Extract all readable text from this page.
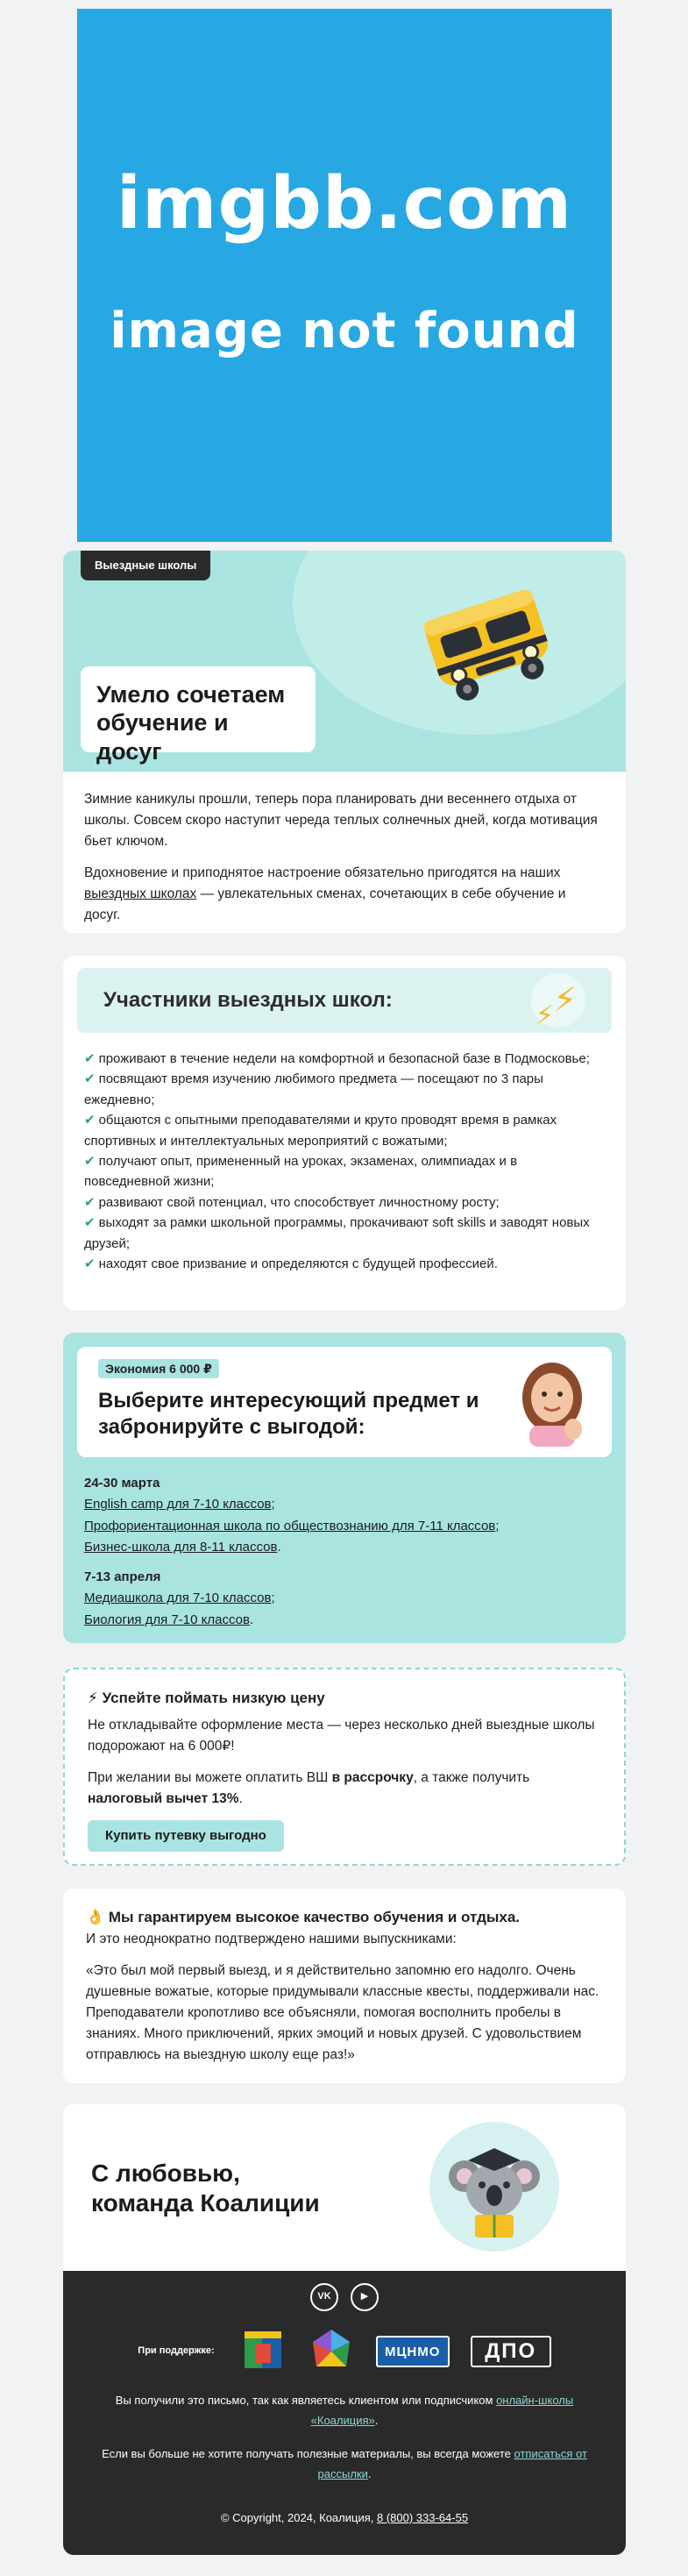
imgbb.com
image not found
Выездные школы
Умело сочетаем обучение и досуг

Зимние каникулы прошли, теперь пора планировать дни весеннего отдыха от школы. Совсем скоро наступит череда теплых солнечных дней, когда мотивация бьет ключом.

Вдохновение и приподнятое настроение обязательно пригодятся на наших выездных школах — увлекательных сменах, сочетающих в себе обучение и досуг.

Участники выездных школ:
⚡ ⚡
✔ проживают в течение недели на комфортной и безопасной базе в Подмосковье;
✔ посвящают время изучению любимого предмета — посещают по 3 пары ежедневно;
✔ общаются с опытными преподавателями и круто проводят время в рамках спортивных и интеллектуальных мероприятий с вожатыми;
✔ получают опыт, примененный на уроках, экзаменах, олимпиадах и в повседневной жизни;
✔ развивают свой потенциал, что способствует личностному росту;
✔ выходят за рамки школьной программы, прокачивают soft skills и заводят новых друзей;
✔ находят свое призвание и определяются с будущей профессией.
Экономия 6 000 ₽
Выберите интересующий предмет и забронируйте с выгодой:
24-30 марта
English camp для 7-10 классов;
Профориентационная школа по обществознанию для 7-11 классов;
Бизнес-школа для 8-11 классов.
7-13 апреля
Медиашкола для 7-10 классов;
Биология для 7-10 классов.
⚡ Успейте поймать низкую цену

Не откладывайте оформление места — через несколько дней выездные школы подорожают на 6 000₽!

При желании вы можете оплатить ВШ в рассрочку, а также получить налоговый вычет 13%.

Купить путевку выгодно
👌 Мы гарантируем высокое качество обучения и отдыха.

И это неоднократно подтверждено нашими выпускниками:

«Это был мой первый выезд, и я действительно запомню его надолго. Очень душевные вожатые, которые придумывали классные квесты, поддерживали нас. Преподаватели кропотливо все объясняли, помогая восполнить пробелы в знаниях. Много приключений, ярких эмоций и новых друзей. С удовольствием отправлюсь на выездную школу еще раз!»

С любовью,
команда Коалиции
VK	▶
При поддержке:	МЦНМО	ДПО

Вы получили это письмо, так как являетесь клиентом или подписчиком онлайн-школы «Коалиция».

Если вы больше не хотите получать полезные материалы, вы всегда можете отписаться от рассылки.

© Copyright, 2024, Коалиция, 8 (800) 333-64-55
